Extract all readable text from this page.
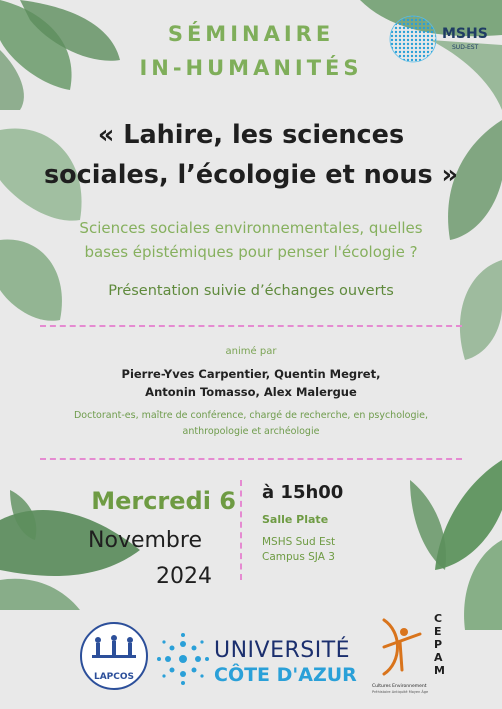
SÉMINAIRE
IN-HUMANITÉS
MSHS
SUD-EST
« Lahire, les sciences
sociales, l’écologie et nous »
Sciences sociales environnementales, quelles
bases épistémiques pour penser l'écologie ?
Présentation suivie d’échanges ouverts
animé par
Pierre-Yves Carpentier, Quentin Megret,
Antonin Tomasso, Alex Malergue
Doctorant-es, maître de conférence, chargé de recherche, en psychologie,
anthropologie et archéologie
Mercredi 6
Novembre
2024
à 15h00
Salle Plate
MSHS Sud Est
Campus SJA 3
LAPCOS
UNIVERSITÉ
CÔTE D'AZUR
CEPAM
Cultures Environnement
Préhistoire Antiquité Moyen Âge
